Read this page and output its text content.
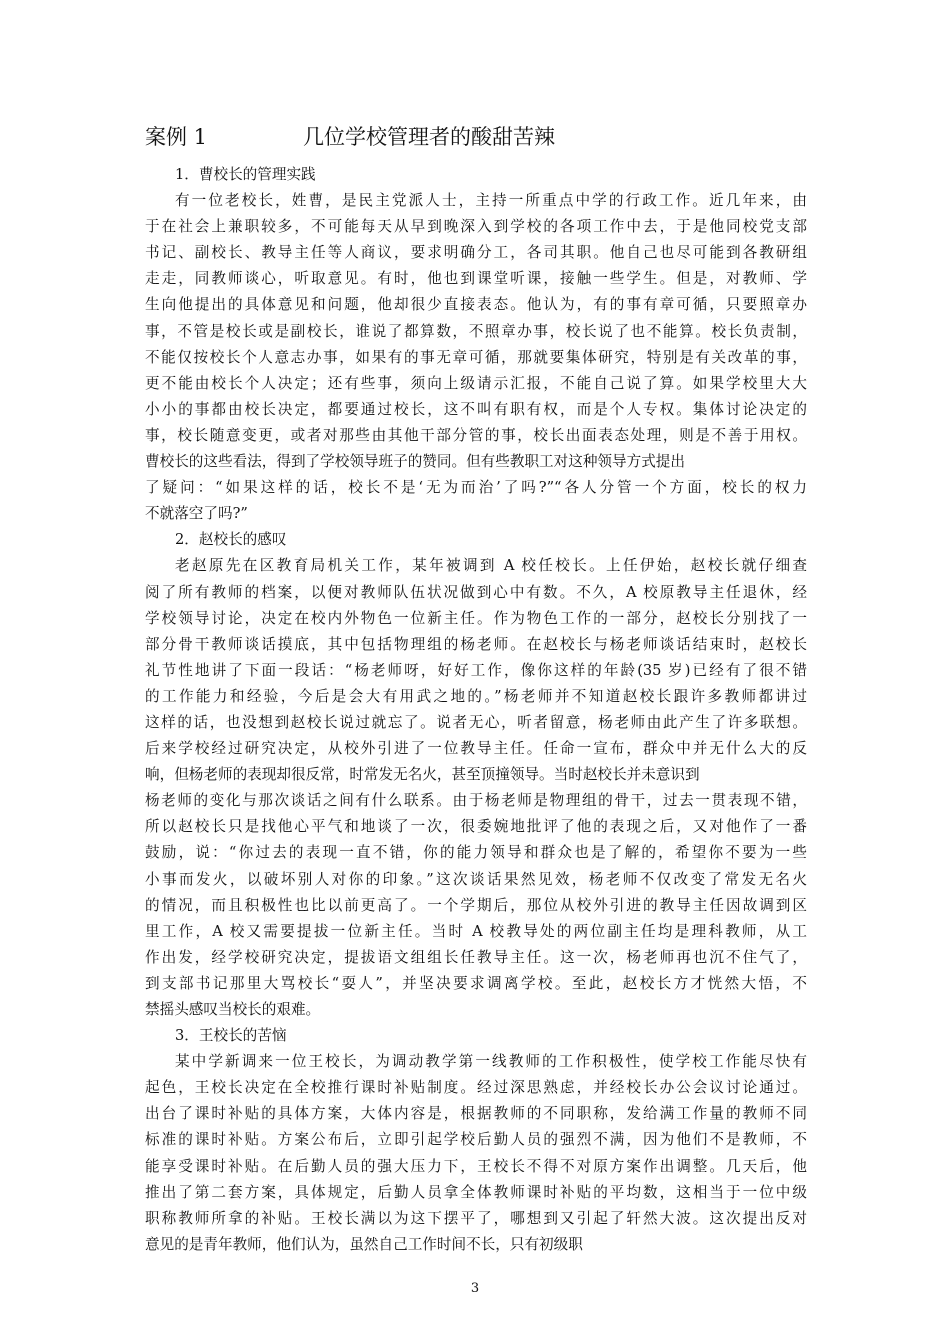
案例 1	几位学校管理者的酸甜苦辣
1．曹校长的管理实践
有一位老校长，姓曹，是民主党派人士，主持一所重点中学的行政工作。近几年来，由
于在社会上兼职较多，不可能每天从早到晚深入到学校的各项工作中去，于是他同校党支部
书记、副校长、教导主任等人商议，要求明确分工，各司其职。他自己也尽可能到各教研组
走走，同教师谈心，听取意见。有时，他也到课堂听课，接触一些学生。但是，对教师、学
生向他提出的具体意见和问题，他却很少直接表态。他认为，有的事有章可循，只要照章办
事，不管是校长或是副校长，谁说了都算数，不照章办事，校长说了也不能算。校长负责制，
不能仅按校长个人意志办事，如果有的事无章可循，那就要集体研究，特别是有关改革的事，
更不能由校长个人决定；还有些事，须向上级请示汇报，不能自己说了算。如果学校里大大
小小的事都由校长决定，都要通过校长，这不叫有职有权，而是个人专权。集体讨论决定的
事，校长随意变更，或者对那些由其他干部分管的事，校长出面表态处理，则是不善于用权。
曹校长的这些看法，得到了学校领导班子的赞同。但有些教职工对这种领导方式提出
了疑问：“如果这样的话，校长不是‘无为而治’了吗?”“各人分管一个方面，校长的权力
不就落空了吗?”
2．赵校长的感叹
老赵原先在区教育局机关工作，某年被调到 A 校任校长。上任伊始，赵校长就仔细查
阅了所有教师的档案，以便对教师队伍状况做到心中有数。不久，A 校原教导主任退休，经
学校领导讨论，决定在校内外物色一位新主任。作为物色工作的一部分，赵校长分别找了一
部分骨干教师谈话摸底，其中包括物理组的杨老师。在赵校长与杨老师谈话结束时，赵校长
礼节性地讲了下面一段话：“杨老师呀，好好工作，像你这样的年龄(35 岁)已经有了很不错
的工作能力和经验，今后是会大有用武之地的。”杨老师并不知道赵校长跟许多教师都讲过
这样的话，也没想到赵校长说过就忘了。说者无心，听者留意，杨老师由此产生了许多联想。
后来学校经过研究决定，从校外引进了一位教导主任。任命一宣布，群众中并无什么大的反
响，但杨老师的表现却很反常，时常发无名火，甚至顶撞领导。当时赵校长并未意识到
杨老师的变化与那次谈话之间有什么联系。由于杨老师是物理组的骨干，过去一贯表现不错，
所以赵校长只是找他心平气和地谈了一次，很委婉地批评了他的表现之后，又对他作了一番
鼓励，说：“你过去的表现一直不错，你的能力领导和群众也是了解的，希望你不要为一些
小事而发火，以破坏别人对你的印象。”这次谈话果然见效，杨老师不仅改变了常发无名火
的情况，而且积极性也比以前更高了。一个学期后，那位从校外引进的教导主任因故调到区
里工作，A 校又需要提拔一位新主任。当时 A 校教导处的两位副主任均是理科教师，从工
作出发，经学校研究决定，提拔语文组组长任教导主任。这一次，杨老师再也沉不住气了，
到支部书记那里大骂校长“耍人”，并坚决要求调离学校。至此，赵校长方才恍然大悟，不
禁摇头感叹当校长的艰难。
3．王校长的苦恼
某中学新调来一位王校长，为调动教学第一线教师的工作积极性，使学校工作能尽快有
起色，王校长决定在全校推行课时补贴制度。经过深思熟虑，并经校长办公会议讨论通过。
出台了课时补贴的具体方案，大体内容是，根据教师的不同职称，发给满工作量的教师不同
标准的课时补贴。方案公布后，立即引起学校后勤人员的强烈不满，因为他们不是教师，不
能享受课时补贴。在后勤人员的强大压力下，王校长不得不对原方案作出调整。几天后，他
推出了第二套方案，具体规定，后勤人员拿全体教师课时补贴的平均数，这相当于一位中级
职称教师所拿的补贴。王校长满以为这下摆平了，哪想到又引起了轩然大波。这次提出反对
意见的是青年教师，他们认为，虽然自己工作时间不长，只有初级职
3
